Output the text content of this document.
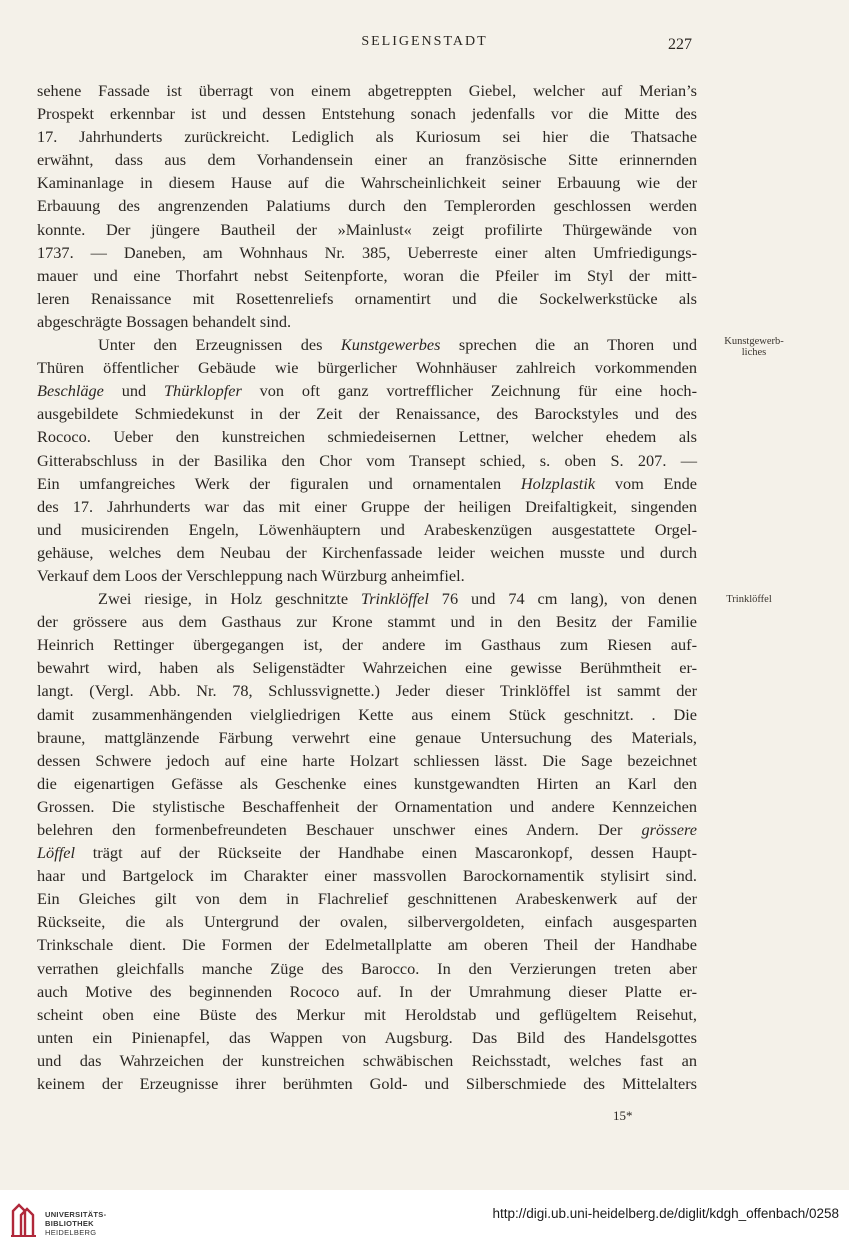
SELIGENSTADT	227
sehene Fassade ist überragt von einem abgetreppten Giebel, welcher auf Merian’s
Prospekt erkennbar ist und dessen Entstehung sonach jedenfalls vor die Mitte des
17. Jahrhunderts zurückreicht. Lediglich als Kuriosum sei hier die Thatsache
erwähnt, dass aus dem Vorhandensein einer an französische Sitte erinnernden
Kaminanlage in diesem Hause auf die Wahrscheinlichkeit seiner Erbauung wie der
Erbauung des angrenzenden Palatiums durch den Templerorden geschlossen werden
konnte. Der jüngere Bautheil der »Mainlust« zeigt profilirte Thürgewände von
1737. — Daneben, am Wohnhaus Nr. 385, Ueberreste einer alten Umfriedigungs-
mauer und eine Thorfahrt nebst Seitenpforte, woran die Pfeiler im Styl der mitt-
leren Renaissance mit Rosettenreliefs ornamentirt und die Sockelwerkstücke als
abgeschrägte Bossagen behandelt sind.
Unter den Erzeugnissen des Kunstgewerbes sprechen die an Thoren und
Thüren öffentlicher Gebäude wie bürgerlicher Wohnhäuser zahlreich vorkommenden
Beschläge und Thürklopfer von oft ganz vortrefflicher Zeichnung für eine hoch-
ausgebildete Schmiedekunst in der Zeit der Renaissance, des Barockstyles und des
Rococo. Ueber den kunstreichen schmiedeisernen Lettner, welcher ehedem als
Gitterabschluss in der Basilika den Chor vom Transept schied, s. oben S. 207. —
Ein umfangreiches Werk der figuralen und ornamentalen Holzplastik vom Ende
des 17. Jahrhunderts war das mit einer Gruppe der heiligen Dreifaltigkeit, singenden
und musicirenden Engeln, Löwenhäuptern und Arabeskenzügen ausgestattete Orgel-
gehäuse, welches dem Neubau der Kirchenfassade leider weichen musste und durch
Verkauf dem Loos der Verschleppung nach Würzburg anheimfiel.
Zwei riesige, in Holz geschnitzte Trinklöffel 76 und 74 cm lang), von denen
der grössere aus dem Gasthaus zur Krone stammt und in den Besitz der Familie
Heinrich Rettinger übergegangen ist, der andere im Gasthaus zum Riesen auf-
bewahrt wird, haben als Seligenstädter Wahrzeichen eine gewisse Berühmtheit er-
langt. (Vergl. Abb. Nr. 78, Schlussvignette.) Jeder dieser Trinklöffel ist sammt der
damit zusammenhängenden vielgliedrigen Kette aus einem Stück geschnitzt. . Die
braune, mattglänzende Färbung verwehrt eine genaue Untersuchung des Materials,
dessen Schwere jedoch auf eine harte Holzart schliessen lässt. Die Sage bezeichnet
die eigenartigen Gefässe als Geschenke eines kunstgewandten Hirten an Karl den
Grossen. Die stylistische Beschaffenheit der Ornamentation und andere Kennzeichen
belehren den formenbefreundeten Beschauer unschwer eines Andern. Der grössere
Löffel trägt auf der Rückseite der Handhabe einen Mascaronkopf, dessen Haupt-
haar und Bartgelock im Charakter einer massvollen Barockornamentik stylisirt sind.
Ein Gleiches gilt von dem in Flachrelief geschnittenen Arabeskenwerk auf der
Rückseite, die als Untergrund der ovalen, silbervergoldeten, einfach ausgesparten
Trinkschale dient. Die Formen der Edelmetallplatte am oberen Theil der Handhabe
verrathen gleichfalls manche Züge des Barocco. In den Verzierungen treten aber
auch Motive des beginnenden Rococo auf. In der Umrahmung dieser Platte er-
scheint oben eine Büste des Merkur mit Heroldstab und geflügeltem Reisehut,
unten ein Pinienapfel, das Wappen von Augsburg. Das Bild des Handelsgottes
und das Wahrzeichen der kunstreichen schwäbischen Reichsstadt, welches fast an
keinem der Erzeugnisse ihrer berühmten Gold- und Silberschmiede des Mittelalters
Kunstgewerb-
liches
Trinklöffel
15*
UNIVERSITÄTS-
BIBLIOTHEK
HEIDELBERG
http://digi.ub.uni-heidelberg.de/diglit/kdgh_offenbach/0258
